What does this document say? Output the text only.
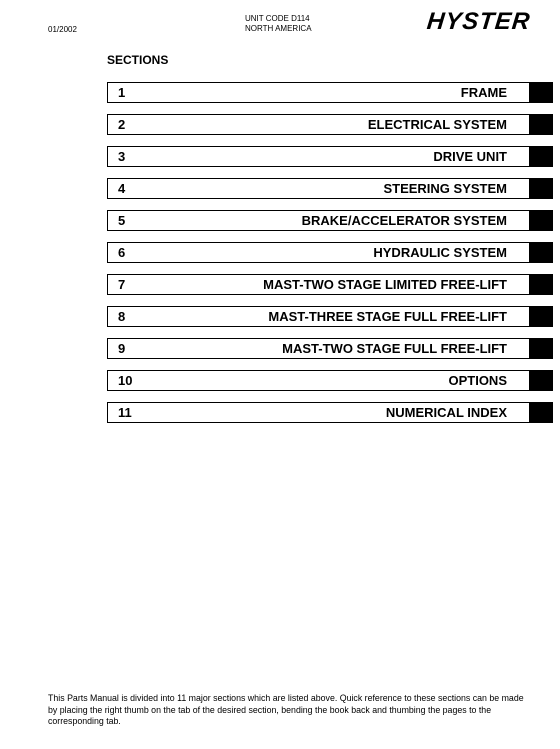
01/2002
UNIT CODE D114
NORTH AMERICA	HYSTER
SECTIONS
1	FRAME
2	ELECTRICAL SYSTEM
3	DRIVE UNIT
4	STEERING SYSTEM
5	BRAKE/ACCELERATOR SYSTEM
6	HYDRAULIC SYSTEM
7	MAST-TWO STAGE LIMITED FREE-LIFT
8	MAST-THREE STAGE FULL FREE-LIFT
9	MAST-TWO STAGE FULL FREE-LIFT
10	OPTIONS
11	NUMERICAL INDEX
This Parts Manual is divided into 11 major sections which are listed above. Quick reference to these sections can be made by placing the right thumb on the tab of the desired section, bending the book back and thumbing the pages to the corresponding tab.
